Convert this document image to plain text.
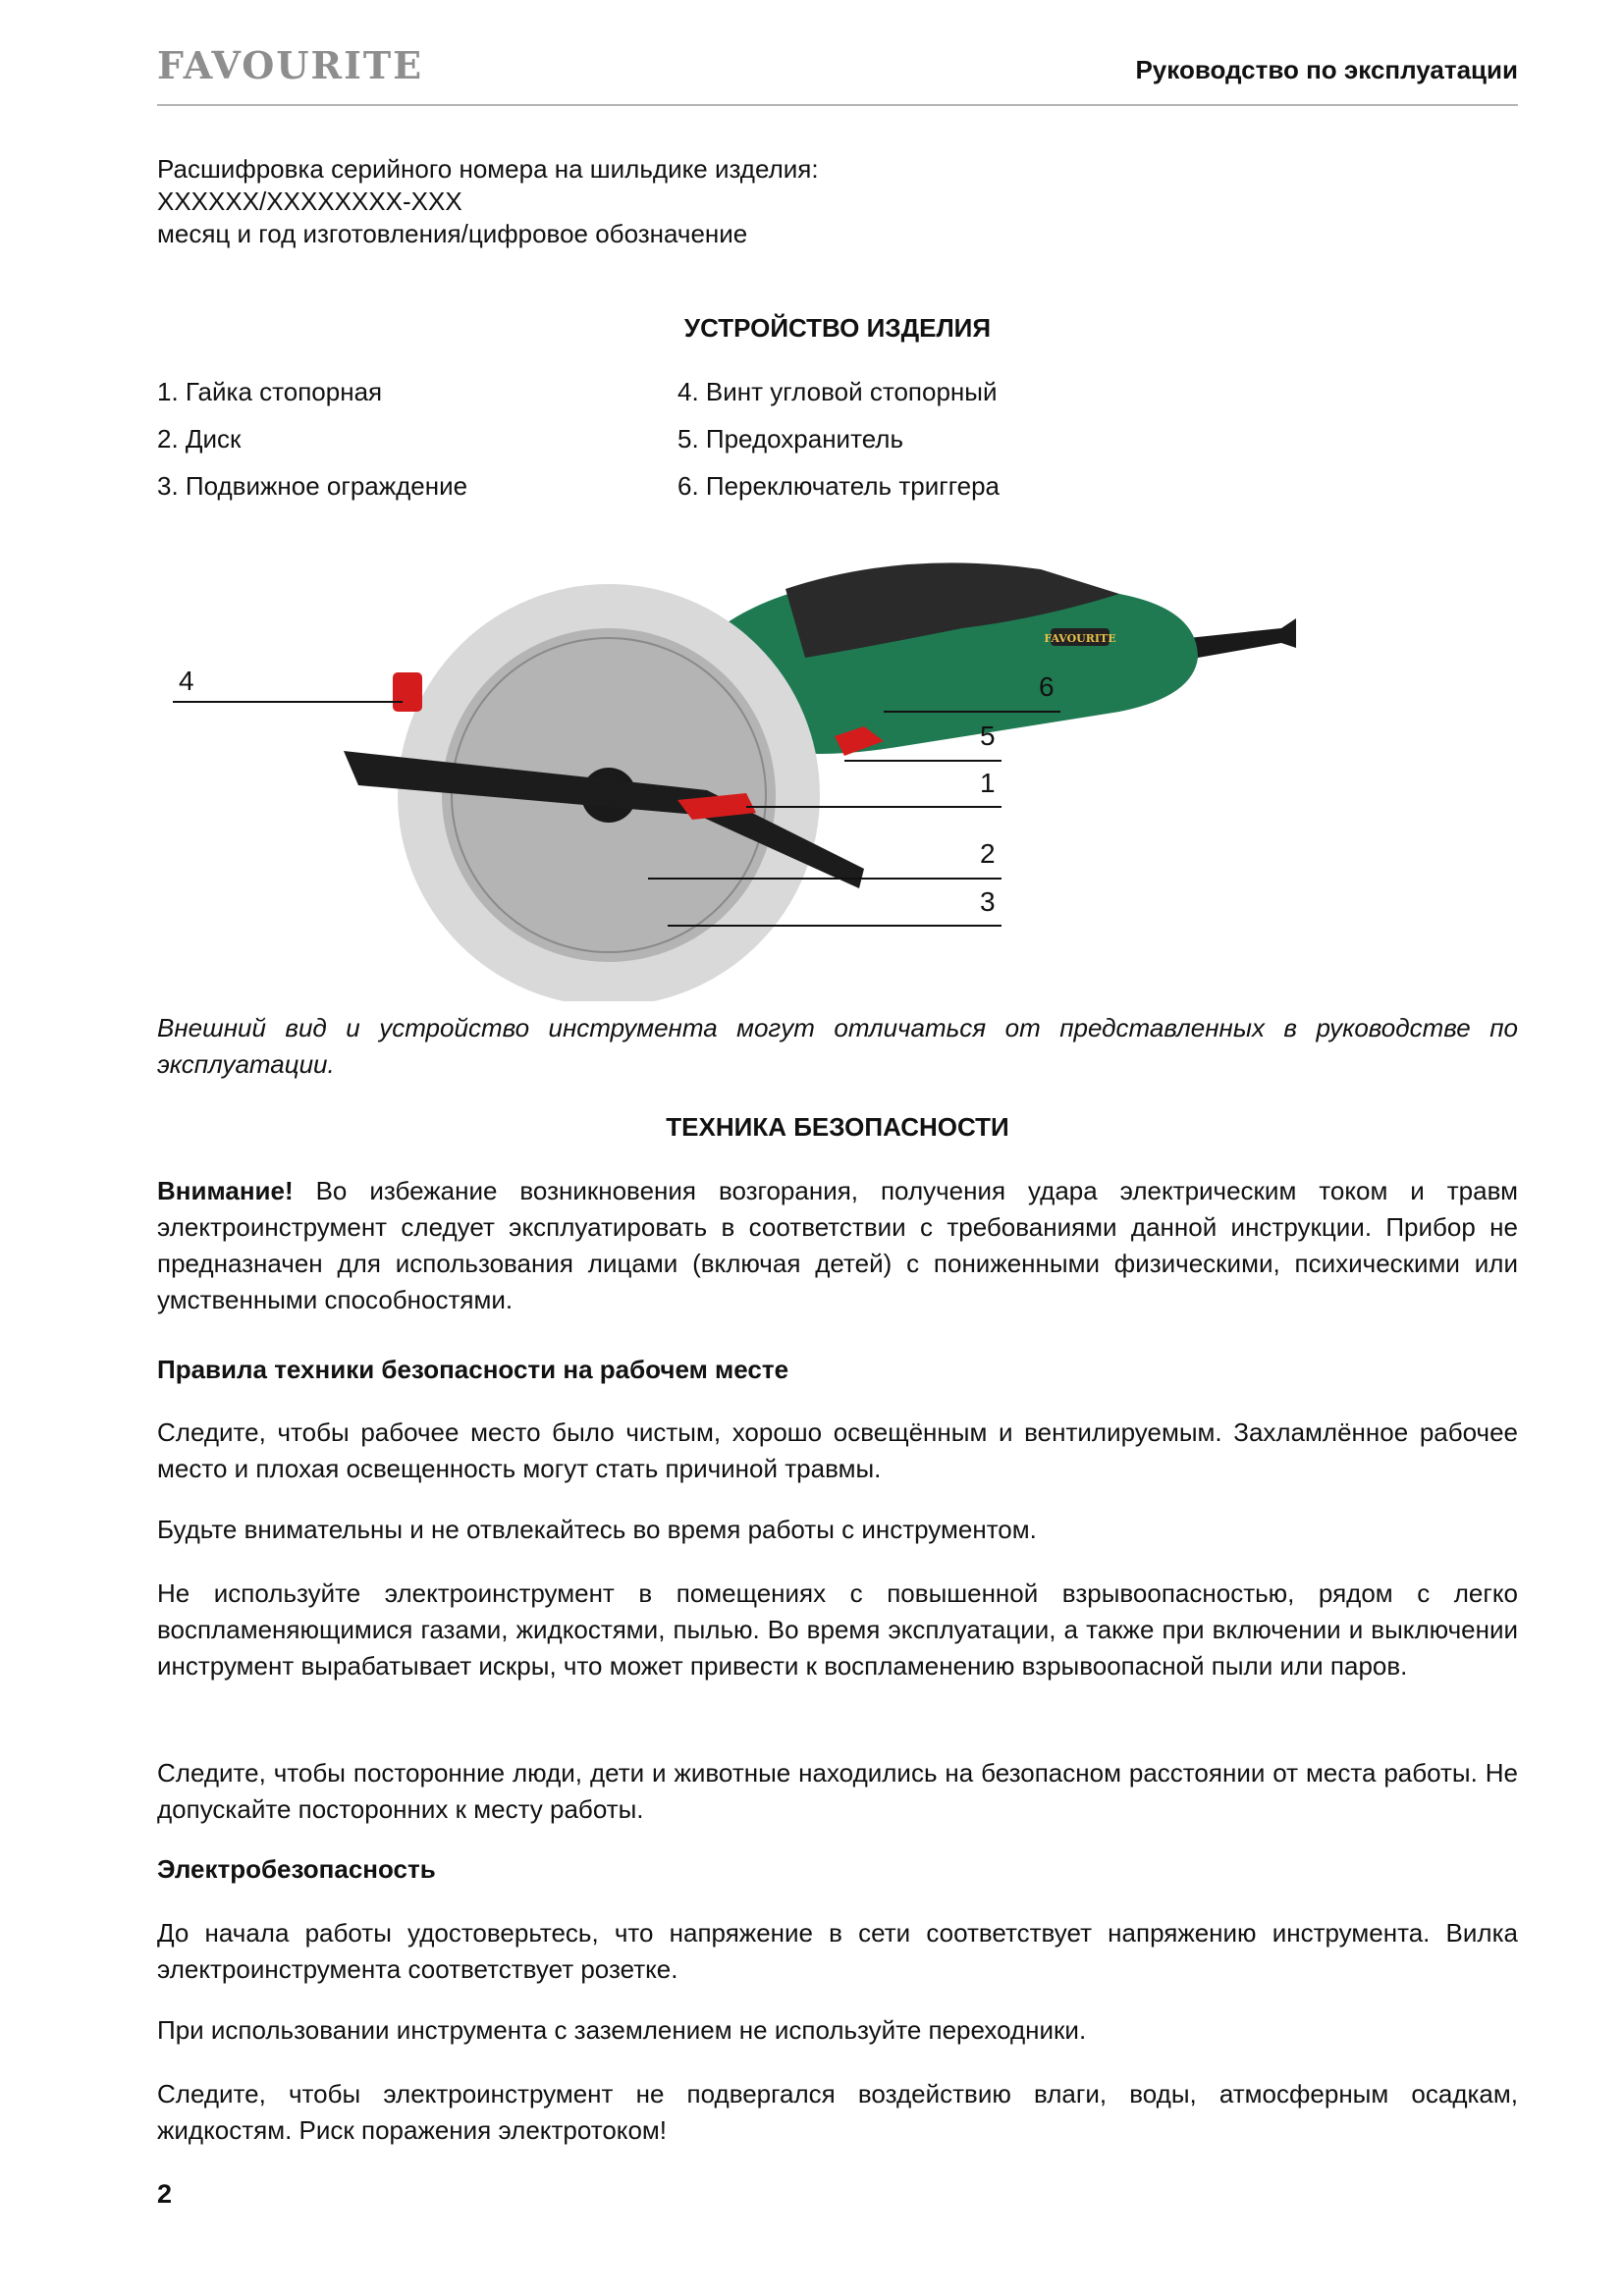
FAVOURITE	Руководство по эксплуатации
Расшифровка серийного номера на шильдике изделия:
XXXXXX/XXXXXXXX-XXX
месяц и год изготовления/цифровое обозначение
УСТРОЙСТВО ИЗДЕЛИЯ
1. Гайка стопорная
2. Диск
3. Подвижное ограждение
4. Винт угловой стопорный
5. Предохранитель
6. Переключатель триггера
FAVOURITE
4	6
5
1
2
3
Внешний вид и устройство инструмента могут отличаться от представленных в руководстве по эксплуатации.
ТЕХНИКА БЕЗОПАСНОСТИ
Внимание! Во избежание возникновения возгорания, получения удара электрическим током и травм электроинструмент следует эксплуатировать в соответствии с требованиями данной инструкции. Прибор не предназначен для использования лицами (включая детей) с пониженными физическими, психическими или умственными способностями.
Правила техники безопасности на рабочем месте
Следите, чтобы рабочее место было чистым, хорошо освещённым и вентилируемым. Захламлённое рабочее место и плохая освещенность могут стать причиной травмы.
Будьте внимательны и не отвлекайтесь во время работы с инструментом.
Не используйте электроинструмент в помещениях с повышенной взрывоопасностью, рядом с легко воспламеняющимися газами, жидкостями, пылью. Во время эксплуатации, а также при включении и выключении инструмент вырабатывает искры, что может привести к воспламенению взрывоопасной пыли или паров.
Следите, чтобы посторонние люди, дети и животные находились на безопасном расстоянии от места работы. Не допускайте посторонних к месту работы.
Электробезопасность
До начала работы удостоверьтесь, что напряжение в сети соответствует напряжению инструмента. Вилка электроинструмента соответствует розетке.
При использовании инструмента с заземлением не используйте переходники.
Следите, чтобы электроинструмент не подвергался воздействию влаги, воды, атмосферным осадкам, жидкостям. Риск поражения электротоком!
2
